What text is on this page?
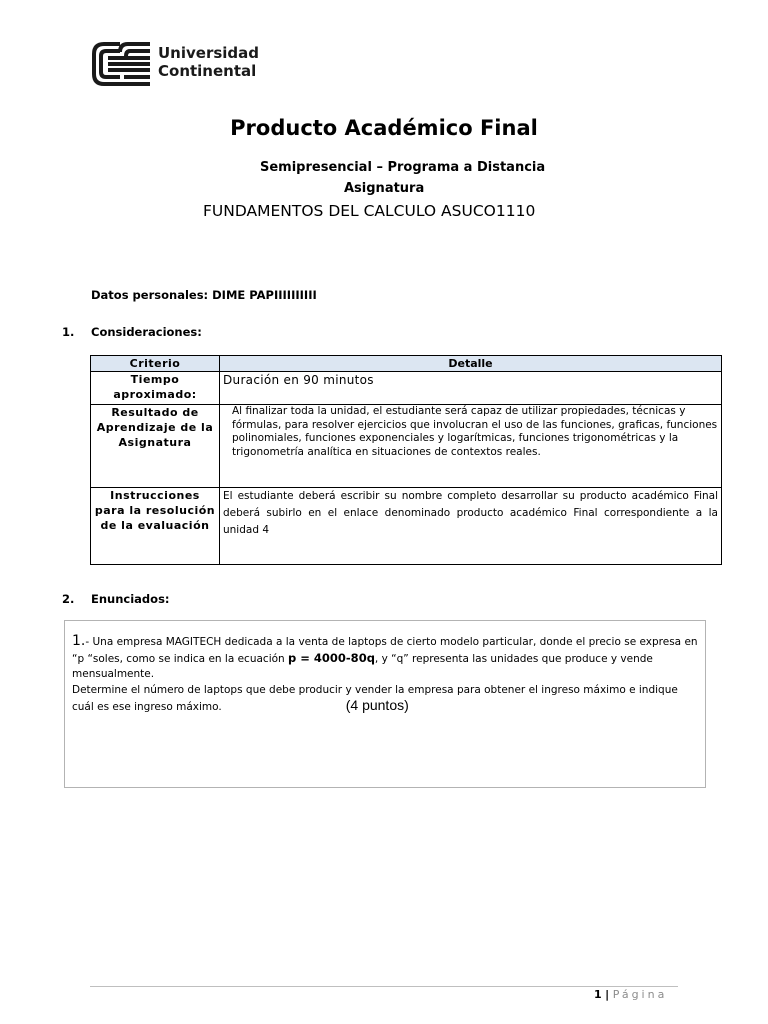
Universidad
Continental
Producto Académico Final
Semipresencial – Programa a Distancia
Asignatura
FUNDAMENTOS DEL CALCULO ASUCO1110
Datos personales: DIME PAPIIIIIIIIII
1. Consideraciones:
Criterio	Detalle
Tiempo aproximado:	Duración en 90 minutos
Resultado de Aprendizaje de la Asignatura	Al finalizar toda la unidad, el estudiante será capaz de utilizar propiedades, técnicas y fórmulas, para resolver ejercicios que involucran el uso de las funciones, graficas, funciones polinomiales, funciones exponenciales y logarítmicas, funciones trigonométricas y la trigonometría analítica en situaciones de contextos reales.
Instrucciones para la resolución de la evaluación	El estudiante deberá escribir su nombre completo desarrollar su producto académico Final deberá subirlo en el enlace denominado producto académico Final correspondiente a la unidad 4
2. Enunciados:
1.- Una empresa MAGITECH dedicada a la venta de laptops de cierto modelo particular, donde el precio se expresa en “p “soles, como se indica en la ecuación p = 4000-80q, y “q” representa las unidades que produce y vende mensualmente.
Determine el número de laptops que debe producir y vender la empresa para obtener el ingreso máximo e indique cuál es ese ingreso máximo.	(4 puntos)
1 | Página
